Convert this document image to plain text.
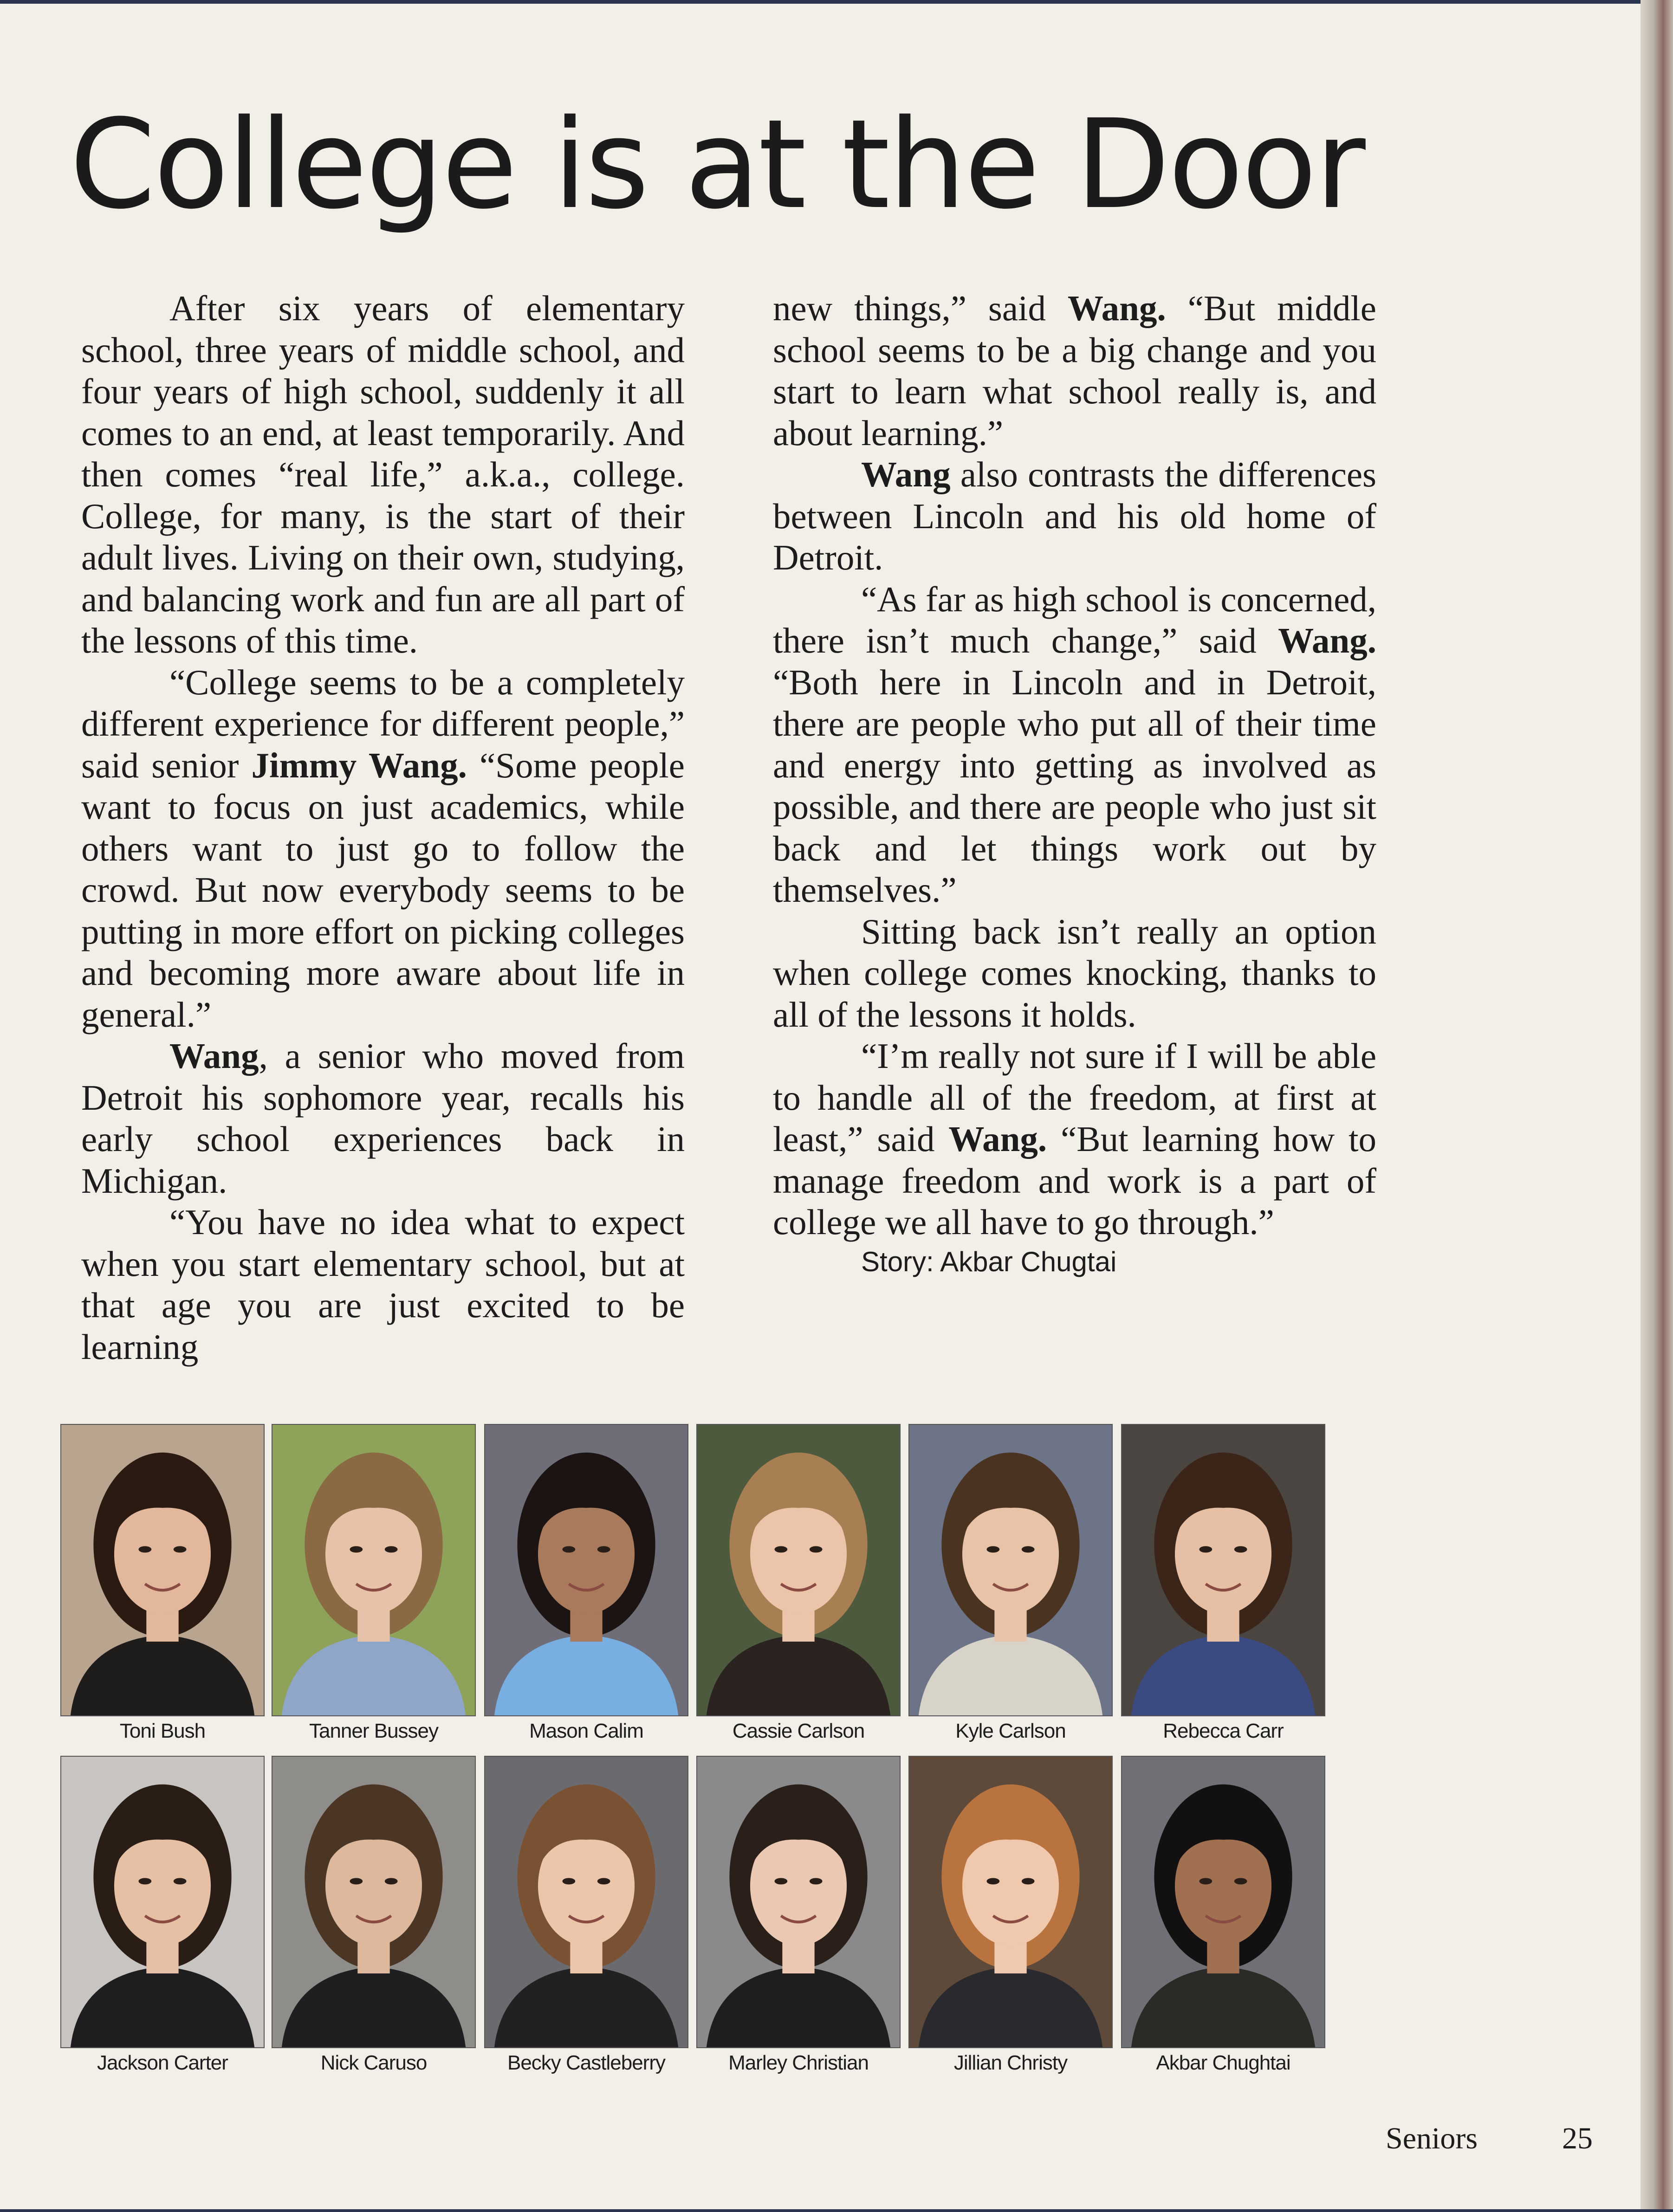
College is at the Door

After six years of elementary school, three years of middle school, and four years of high school, suddenly it all comes to an end, at least temporarily. And then comes “real life,” a.k.a., college. College, for many, is the start of their adult lives. Living on their own, studying, and balancing work and fun are all part of the lessons of this time.

“College seems to be a completely different experience for different people,” said senior Jimmy Wang. “Some people want to focus on just academics, while others want to just go to follow the crowd. But now everybody seems to be putting in more effort on picking colleges and becoming more aware about life in general.”

Wang, a senior who moved from Detroit his sophomore year, recalls his early school experiences back in Michigan.

“You have no idea what to expect when you start elementary school, but at that age you are just excited to be learning

new things,” said Wang. “But middle school seems to be a big change and you start to learn what school really is, and about learning.”

Wang also contrasts the differences between Lincoln and his old home of Detroit.

“As far as high school is concerned, there isn’t much change,” said Wang. “Both here in Lincoln and in Detroit, there are people who put all of their time and energy into getting as involved as possible, and there are people who just sit back and let things work out by themselves.”

Sitting back isn’t really an option when college comes knocking, thanks to all of the lessons it holds.

“I’m really not sure if I will be able to handle all of the freedom, at first at least,” said Wang. “But learning how to manage freedom and work is a part of college we all have to go through.”

Story: Akbar Chugtai

Toni Bush	Tanner Bussey	Mason Calim	Cassie Carlson	Kyle Carlson	Rebecca Carr
Jackson Carter	Nick Caruso	Becky Castleberry	Marley Christian	Jillian Christy	Akbar Chughtai
Seniors	25
